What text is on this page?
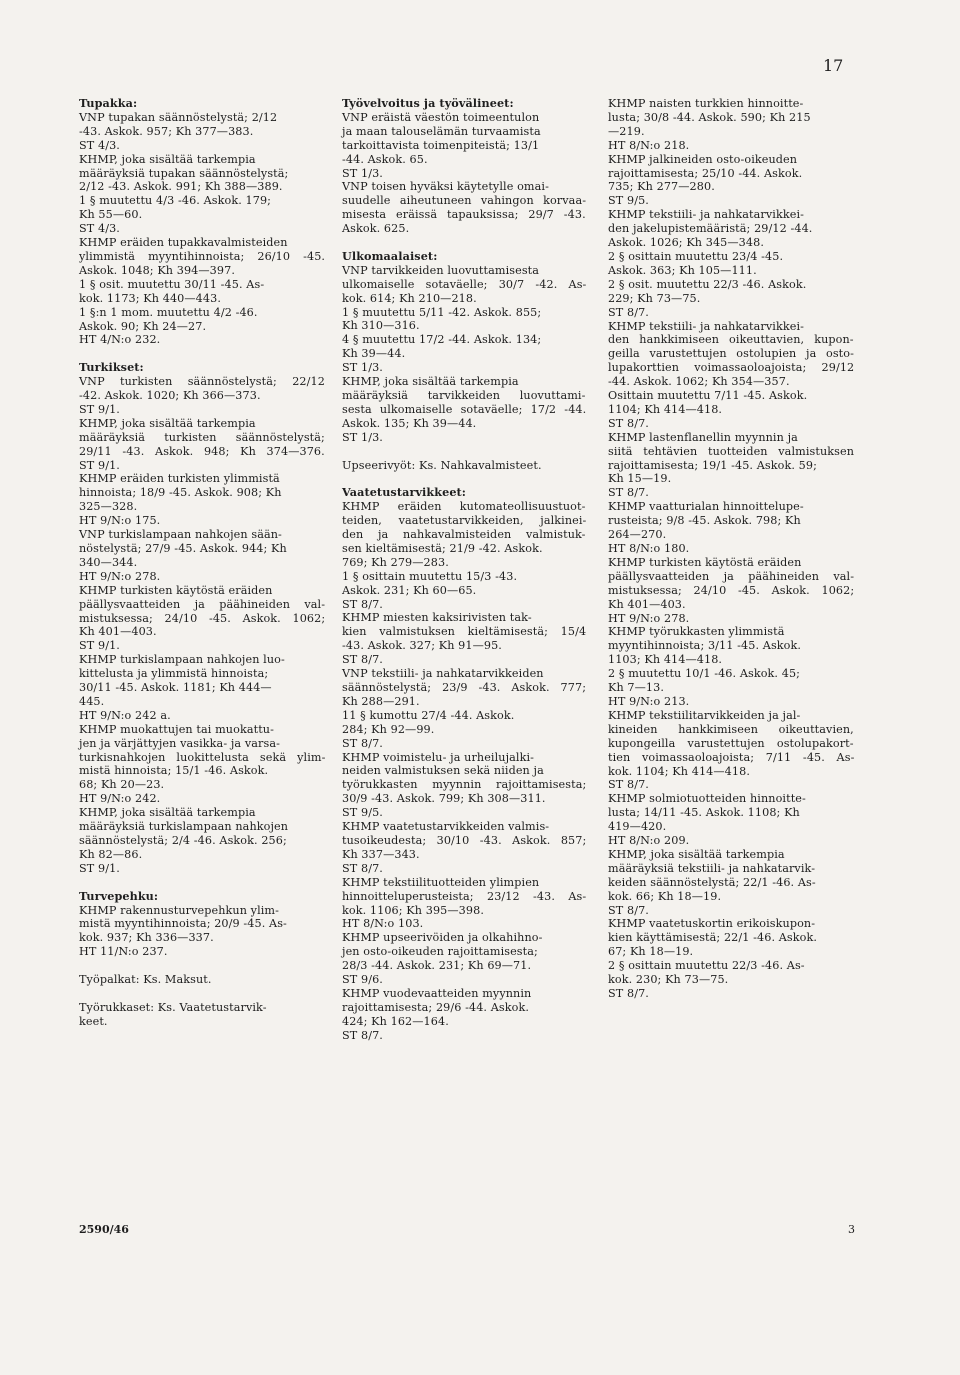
17
Tupakka:
VNP tupakan säännöstelystä; 2/12
-43. Askok. 957; Kh 377—383.
ST 4/3.
KHMP, joka sisältää tarkempia
määräyksiä tupakan säännöstelystä;
2/12 -43. Askok. 991; Kh 388—389.
1 § muutettu 4/3 -46. Askok. 179;
Kh 55—60.
ST 4/3.
KHMP eräiden tupakkavalmisteiden
ylimmistä myyntihinnoista; 26/10 -45.
Askok. 1048; Kh 394—397.
1 § osit. muutettu 30/11 -45. As-
kok. 1173; Kh 440—443.
1 §:n 1 mom. muutettu 4/2 -46.
Askok. 90; Kh 24—27.
HT 4/N:o 232.
Turkikset:
VNP turkisten säännöstelystä; 22/12
-42. Askok. 1020; Kh 366—373.
ST 9/1.
KHMP, joka sisältää tarkempia
määräyksiä turkisten säännöstelystä;
29/11 -43. Askok. 948; Kh 374—376.
ST 9/1.
KHMP eräiden turkisten ylimmistä
hinnoista; 18/9 -45. Askok. 908; Kh
325—328.
HT 9/N:o 175.
VNP turkislampaan nahkojen sään-
nöstelystä; 27/9 -45. Askok. 944; Kh
340—344.
HT 9/N:o 278.
KHMP turkisten käytöstä eräiden
päällysvaatteiden ja päähineiden val-
mistuksessa; 24/10 -45. Askok. 1062;
Kh 401—403.
ST 9/1.
KHMP turkislampaan nahkojen luo-
kittelusta ja ylimmistä hinnoista;
30/11 -45. Askok. 1181; Kh 444—
445.
HT 9/N:o 242 a.
KHMP muokattujen tai muokattu-
jen ja värjättyjen vasikka- ja varsa-
turkisnahkojen luokittelusta sekä ylim-
mistä hinnoista; 15/1 -46. Askok.
68; Kh 20—23.
HT 9/N:o 242.
KHMP, joka sisältää tarkempia
määräyksiä turkislampaan nahkojen
säännöstelystä; 2/4 -46. Askok. 256;
Kh 82—86.
ST 9/1.
Turvepehku:
KHMP rakennusturvepehkun ylim-
mistä myyntihinnoista; 20/9 -45. As-
kok. 937; Kh 336—337.
HT 11/N:o 237.
Työpalkat: Ks. Maksut.
Työrukkaset: Ks. Vaatetustarvik-
keet.
Työvelvoitus ja työvälineet:
VNP eräistä väestön toimeentulon
ja maan talouselämän turvaamista
tarkoittavista toimenpiteistä; 13/1
-44. Askok. 65.
ST 1/3.
VNP toisen hyväksi käytetylle omai-
suudelle aiheutuneen vahingon korvaa-
misesta eräissä tapauksissa; 29/7 -43.
Askok. 625.
Ulkomaalaiset:
VNP tarvikkeiden luovuttamisesta
ulkomaiselle sotaväelle; 30/7 -42. As-
kok. 614; Kh 210—218.
1 § muutettu 5/11 -42. Askok. 855;
Kh 310—316.
4 § muutettu 17/2 -44. Askok. 134;
Kh 39—44.
ST 1/3.
KHMP, joka sisältää tarkempia
määräyksiä tarvikkeiden luovuttami-
sesta ulkomaiselle sotaväelle; 17/2 -44.
Askok. 135; Kh 39—44.
ST 1/3.
Upseerivyöt: Ks. Nahkavalmisteet.
Vaatetustarvikkeet:
KHMP eräiden kutomateollisuustuot-
teiden, vaatetustarvikkeiden, jalkinei-
den ja nahkavalmisteiden valmistuk-
sen kieltämisestä; 21/9 -42. Askok.
769; Kh 279—283.
1 § osittain muutettu 15/3 -43.
Askok. 231; Kh 60—65.
ST 8/7.
KHMP miesten kaksirivisten tak-
kien valmistuksen kieltämisestä; 15/4
-43. Askok. 327; Kh 91—95.
ST 8/7.
VNP tekstiili- ja nahkatarvikkeiden
säännöstelystä; 23/9 -43. Askok. 777;
Kh 288—291.
11 § kumottu 27/4 -44. Askok.
284; Kh 92—99.
ST 8/7.
KHMP voimistelu- ja urheilujalki-
neiden valmistuksen sekä niiden ja
työrukkasten myynnin rajoittamisesta;
30/9 -43. Askok. 799; Kh 308—311.
ST 9/5.
KHMP vaatetustarvikkeiden valmis-
tusoikeudesta; 30/10 -43. Askok. 857;
Kh 337—343.
ST 8/7.
KHMP tekstiilituotteiden ylimpien
hinnoitteluperusteista; 23/12 -43. As-
kok. 1106; Kh 395—398.
HT 8/N:o 103.
KHMP upseerivöiden ja olkahihno-
jen osto-oikeuden rajoittamisesta;
28/3 -44. Askok. 231; Kh 69—71.
ST 9/6.
KHMP vuodevaatteiden myynnin
rajoittamisesta; 29/6 -44. Askok.
424; Kh 162—164.
ST 8/7.
KHMP naisten turkkien hinnoitte-
lusta; 30/8 -44. Askok. 590; Kh 215
—219.
HT 8/N:o 218.
KHMP jalkineiden osto-oikeuden
rajoittamisesta; 25/10 -44. Askok.
735; Kh 277—280.
ST 9/5.
KHMP tekstiili- ja nahkatarvikkei-
den jakelupistemääristä; 29/12 -44.
Askok. 1026; Kh 345—348.
2 § osittain muutettu 23/4 -45.
Askok. 363; Kh 105—111.
2 § osit. muutettu 22/3 -46. Askok.
229; Kh 73—75.
ST 8/7.
KHMP tekstiili- ja nahkatarvikkei-
den hankkimiseen oikeuttavien, kupon-
geilla varustettujen ostolupien ja osto-
lupakorttien voimassaoloajoista; 29/12
-44. Askok. 1062; Kh 354—357.
Osittain muutettu 7/11 -45. Askok.
1104; Kh 414—418.
ST 8/7.
KHMP lastenflanellin myynnin ja
siitä tehtävien tuotteiden valmistuksen
rajoittamisesta; 19/1 -45. Askok. 59;
Kh 15—19.
ST 8/7.
KHMP vaatturialan hinnoittelupe-
rusteista; 9/8 -45. Askok. 798; Kh
264—270.
HT 8/N:o 180.
KHMP turkisten käytöstä eräiden
päällysvaatteiden ja päähineiden val-
mistuksessa; 24/10 -45. Askok. 1062;
Kh 401—403.
HT 9/N:o 278.
KHMP työrukkasten ylimmistä
myyntihinnoista; 3/11 -45. Askok.
1103; Kh 414—418.
2 § muutettu 10/1 -46. Askok. 45;
Kh 7—13.
HT 9/N:o 213.
KHMP tekstiilitarvikkeiden ja jal-
kineiden hankkimiseen oikeuttavien,
kupongeilla varustettujen ostolupakort-
tien voimassaoloajoista; 7/11 -45. As-
kok. 1104; Kh 414—418.
ST 8/7.
KHMP solmiotuotteiden hinnoitte-
lusta; 14/11 -45. Askok. 1108; Kh
419—420.
HT 8/N:o 209.
KHMP, joka sisältää tarkempia
määräyksiä tekstiili- ja nahkatarvik-
keiden säännöstelystä; 22/1 -46. As-
kok. 66; Kh 18—19.
ST 8/7.
KHMP vaatetuskortin erikoiskupon-
kien käyttämisestä; 22/1 -46. Askok.
67; Kh 18—19.
2 § osittain muutettu 22/3 -46. As-
kok. 230; Kh 73—75.
ST 8/7.
2590/46	3
